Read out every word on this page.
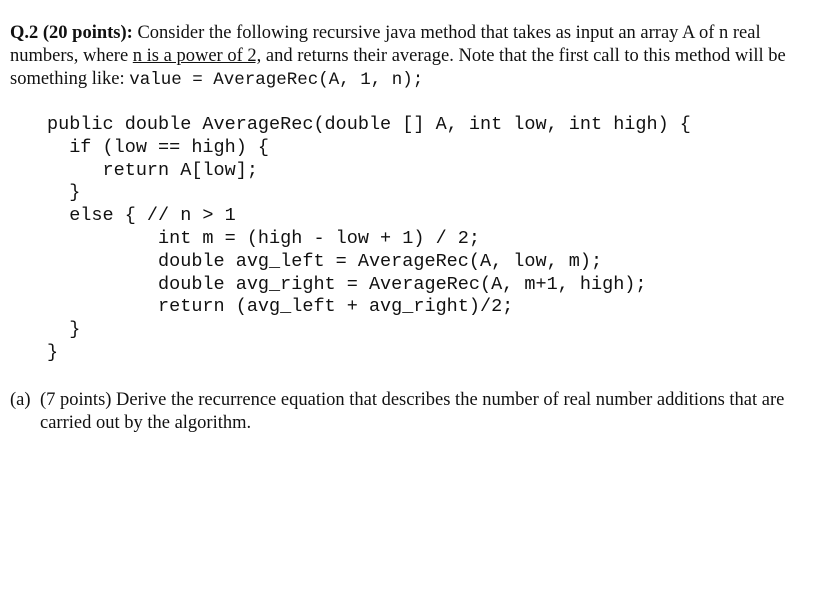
Q.2 (20 points): Consider the following recursive java method that takes as input an array A of n real numbers, where n is a power of 2, and returns their average. Note that the first call to this method will be something like: value = AverageRec(A, 1, n);

public double AverageRec(double [] A, int low, int high) {
if (low == high) {
return A[low];
}
else { // n > 1
int m = (high - low + 1) / 2;
double avg_left = AverageRec(A, low, m);
double avg_right = AverageRec(A, m+1, high);
return (avg_left + avg_right)/2;
}
}
(a) (7 points) Derive the recurrence equation that describes the number of real number additions that are carried out by the algorithm.
